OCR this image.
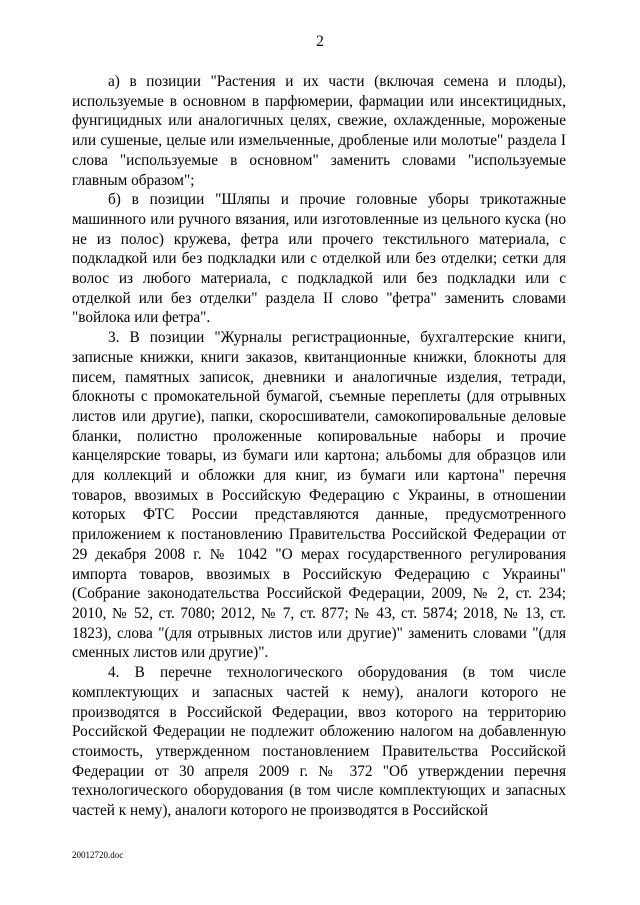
2

а) в позиции "Растения и их части (включая семена и плоды), используемые в основном в парфюмерии, фармации или инсектицидных, фунгицидных или аналогичных целях, свежие, охлажденные, мороженые или сушеные, целые или измельченные, дробленые или молотые" раздела I слова "используемые в основном" заменить словами "используемые главным образом";

б) в позиции "Шляпы и прочие головные уборы трикотажные машинного или ручного вязания, или изготовленные из цельного куска (но не из полос) кружева, фетра или прочего текстильного материала, с подкладкой или без подкладки или с отделкой или без отделки; сетки для волос из любого материала, с подкладкой или без подкладки или с отделкой или без отделки" раздела II слово "фетра" заменить словами "войлока или фетра".

3. В позиции "Журналы регистрационные, бухгалтерские книги, записные книжки, книги заказов, квитанционные книжки, блокноты для писем, памятных записок, дневники и аналогичные изделия, тетради, блокноты с промокательной бумагой, съемные переплеты (для отрывных листов или другие), папки, скоросшиватели, самокопировальные деловые бланки, полистно проложенные копировальные наборы и прочие канцелярские товары, из бумаги или картона; альбомы для образцов или для коллекций и обложки для книг, из бумаги или картона" перечня товаров, ввозимых в Российскую Федерацию с Украины, в отношении которых ФТС России представляются данные, предусмотренного приложением к постановлению Правительства Российской Федерации от 29 декабря 2008 г. № 1042 "О мерах государственного регулирования импорта товаров, ввозимых в Российскую Федерацию с Украины" (Собрание законодательства Российской Федерации, 2009, № 2, ст. 234; 2010, № 52, ст. 7080; 2012, № 7, ст. 877; № 43, ст. 5874; 2018, № 13, ст. 1823), слова "(для отрывных листов или другие)" заменить словами "(для сменных листов или другие)".

4. В перечне технологического оборудования (в том числе комплектующих и запасных частей к нему), аналоги которого не производятся в Российской Федерации, ввоз которого на территорию Российской Федерации не подлежит обложению налогом на добавленную стоимость, утвержденном постановлением Правительства Российской Федерации от 30 апреля 2009 г. № 372 "Об утверждении перечня технологического оборудования (в том числе комплектующих и запасных частей к нему), аналоги которого не производятся в Российской

20012720.doc
